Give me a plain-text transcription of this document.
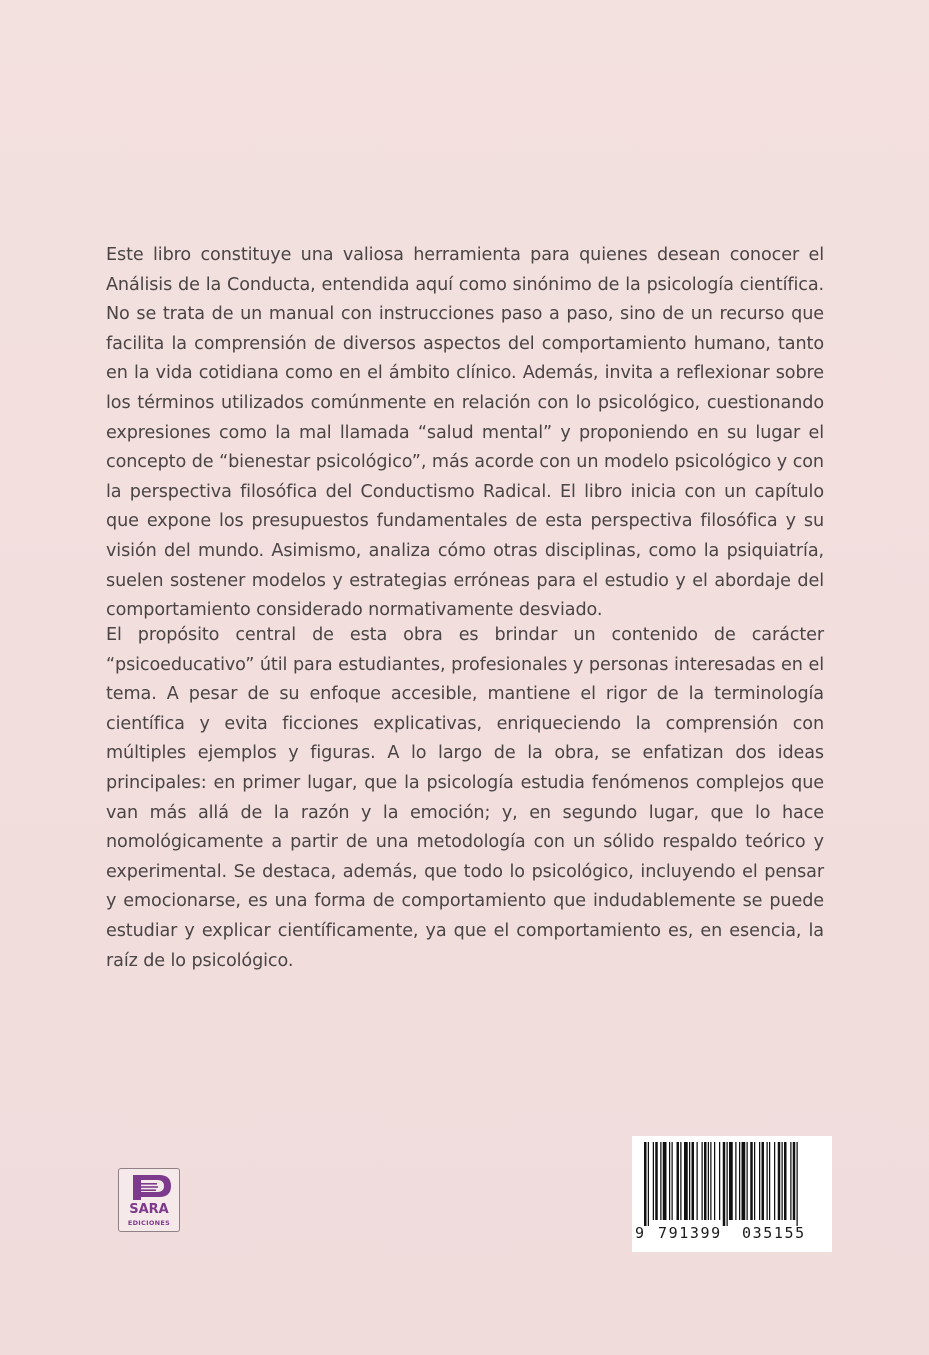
Este libro constituye una valiosa herramienta para quienes desean conocer el Análisis de la Conducta, entendida aquí como sinónimo de la psicología científica. No se trata de un manual con instrucciones paso a paso, sino de un recurso que facilita la comprensión de diversos aspectos del comportamiento humano, tanto en la vida cotidiana como en el ámbito clínico. Además, invita a reflexionar sobre los términos utilizados comúnmente en relación con lo psicológico, cuestionando expresiones como la mal llamada “salud mental” y proponiendo en su lugar el concepto de “bienestar psicológico”, más acorde con un modelo psicológico y con la perspectiva filosófica del Conductismo Radical. El libro inicia con un capítulo que expone los presupuestos fundamentales de esta perspectiva filosófica y su visión del mundo. Asimismo, analiza cómo otras disciplinas, como la psiquiatría, suelen sostener modelos y estrategias erróneas para el estudio y el abordaje del comportamiento considerado normativamente desviado.

El propósito central de esta obra es brindar un contenido de carácter “psicoeducativo” útil para estudiantes, profesionales y personas interesadas en el tema. A pesar de su enfoque accesible, mantiene el rigor de la terminología científica y evita ficciones explicativas, enriqueciendo la comprensión con múltiples ejemplos y figuras. A lo largo de la obra, se enfatizan dos ideas principales: en primer lugar, que la psicología estudia fenómenos complejos que van más allá de la razón y la emoción; y, en segundo lugar, que lo hace nomológicamente a partir de una metodología con un sólido respaldo teórico y experimental. Se destaca, además, que todo lo psicológico, incluyendo el pensar y emocionarse, es una forma de comportamiento que indudablemente se puede estudiar y explicar científicamente, ya que el comportamiento es, en esencia, la raíz de lo psicológico.

SARA
EDICIONES
9 791399 035155
